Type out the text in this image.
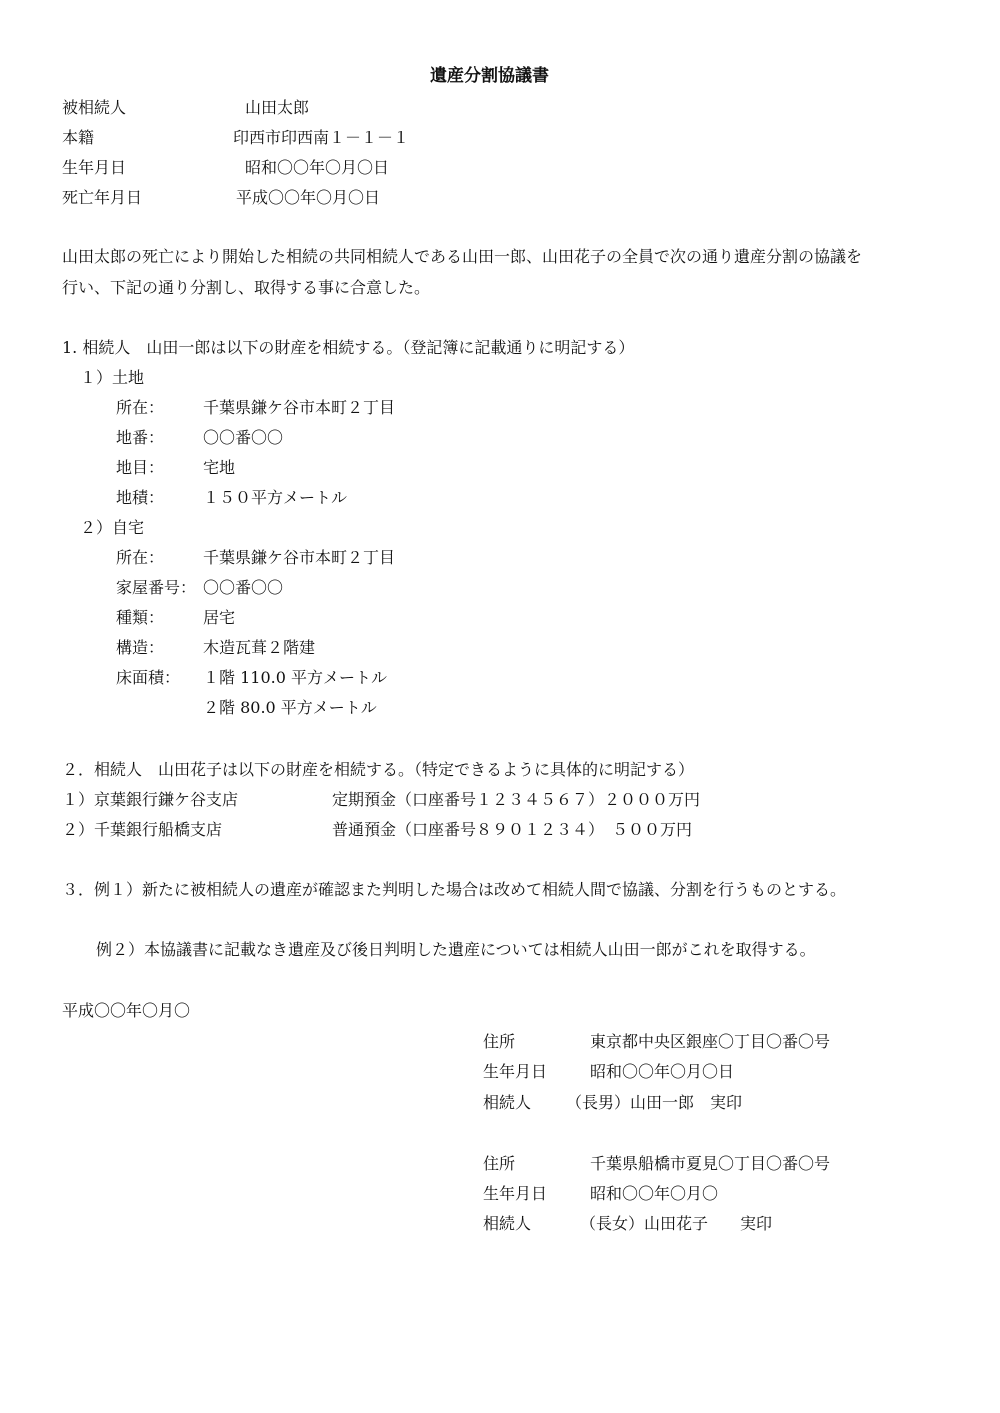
遺産分割協議書
被相続人	山田太郎
本籍	印西市印西南１－１－１
生年月日	昭和〇〇年〇月〇日
死亡年月日	平成〇〇年〇月〇日
山田太郎の死亡により開始した相続の共同相続人である山田一郎、山田花子の全員で次の通り遺産分割の協議を
行い、下記の通り分割し、取得する事に合意した。
1. 相続人　山田一郎は以下の財産を相続する。（登記簿に記載通りに明記する）
１）土地
所在： 千葉県鎌ケ谷市本町２丁目
地番： 〇〇番〇〇
地目： 宅地
地積： １５０平方メートル
２）自宅
所在： 千葉県鎌ケ谷市本町２丁目
家屋番号： 〇〇番〇〇
種類： 居宅
構造： 木造瓦葺２階建
床面積： １階 110.0 平方メートル
２階 80.0 平方メートル
２．相続人　山田花子は以下の財産を相続する。（特定できるように具体的に明記する）
１）京葉銀行鎌ケ谷支店	定期預金（口座番号１２３４５６７）２０００万円
２）千葉銀行船橋支店	普通預金（口座番号８９０１２３４）　５００万円
３．例１）新たに被相続人の遺産が確認また判明した場合は改めて相続人間で協議、分割を行うものとする。
例２）本協議書に記載なき遺産及び後日判明した遺産については相続人山田一郎がこれを取得する。
平成〇〇年〇月〇
住所	東京都中央区銀座〇丁目〇番〇号
生年月日	昭和〇〇年〇月〇日
相続人 （長男）山田一郎　実印
住所	千葉県船橋市夏見〇丁目〇番〇号
生年月日	昭和〇〇年〇月〇
相続人	（長女）山田花子　　実印
